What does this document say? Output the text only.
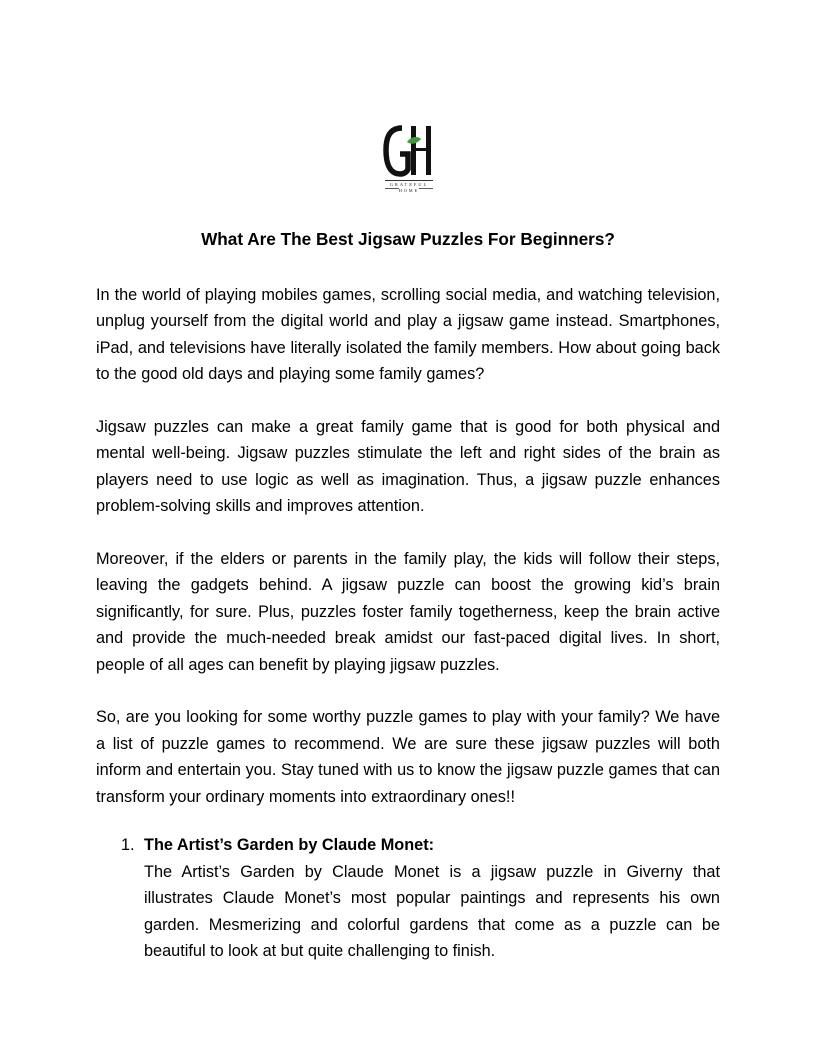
GRATEFUL
HOME
What Are The Best Jigsaw Puzzles For Beginners?

In the world of playing mobiles games, scrolling social media, and watching television, unplug yourself from the digital world and play a jigsaw game instead. Smartphones, iPad, and televisions have literally isolated the family members. How about going back to the good old days and playing some family games?

Jigsaw puzzles can make a great family game that is good for both physical and mental well-being. Jigsaw puzzles stimulate the left and right sides of the brain as players need to use logic as well as imagination. Thus, a jigsaw puzzle enhances problem-solving skills and improves attention.

Moreover, if the elders or parents in the family play, the kids will follow their steps, leaving the gadgets behind. A jigsaw puzzle can boost the growing kid’s brain significantly, for sure. Plus, puzzles foster family togetherness, keep the brain active and provide the much-needed break amidst our fast-paced digital lives. In short, people of all ages can benefit by playing jigsaw puzzles.

So, are you looking for some worthy puzzle games to play with your family? We have a list of puzzle games to recommend. We are sure these jigsaw puzzles will both inform and entertain you. Stay tuned with us to know the jigsaw puzzle games that can transform your ordinary moments into extraordinary ones!!

1. The Artist’s Garden by Claude Monet:
The Artist’s Garden by Claude Monet is a jigsaw puzzle in Giverny that illustrates Claude Monet’s most popular paintings and represents his own garden. Mesmerizing and colorful gardens that come as a puzzle can be beautiful to look at but quite challenging to finish.
